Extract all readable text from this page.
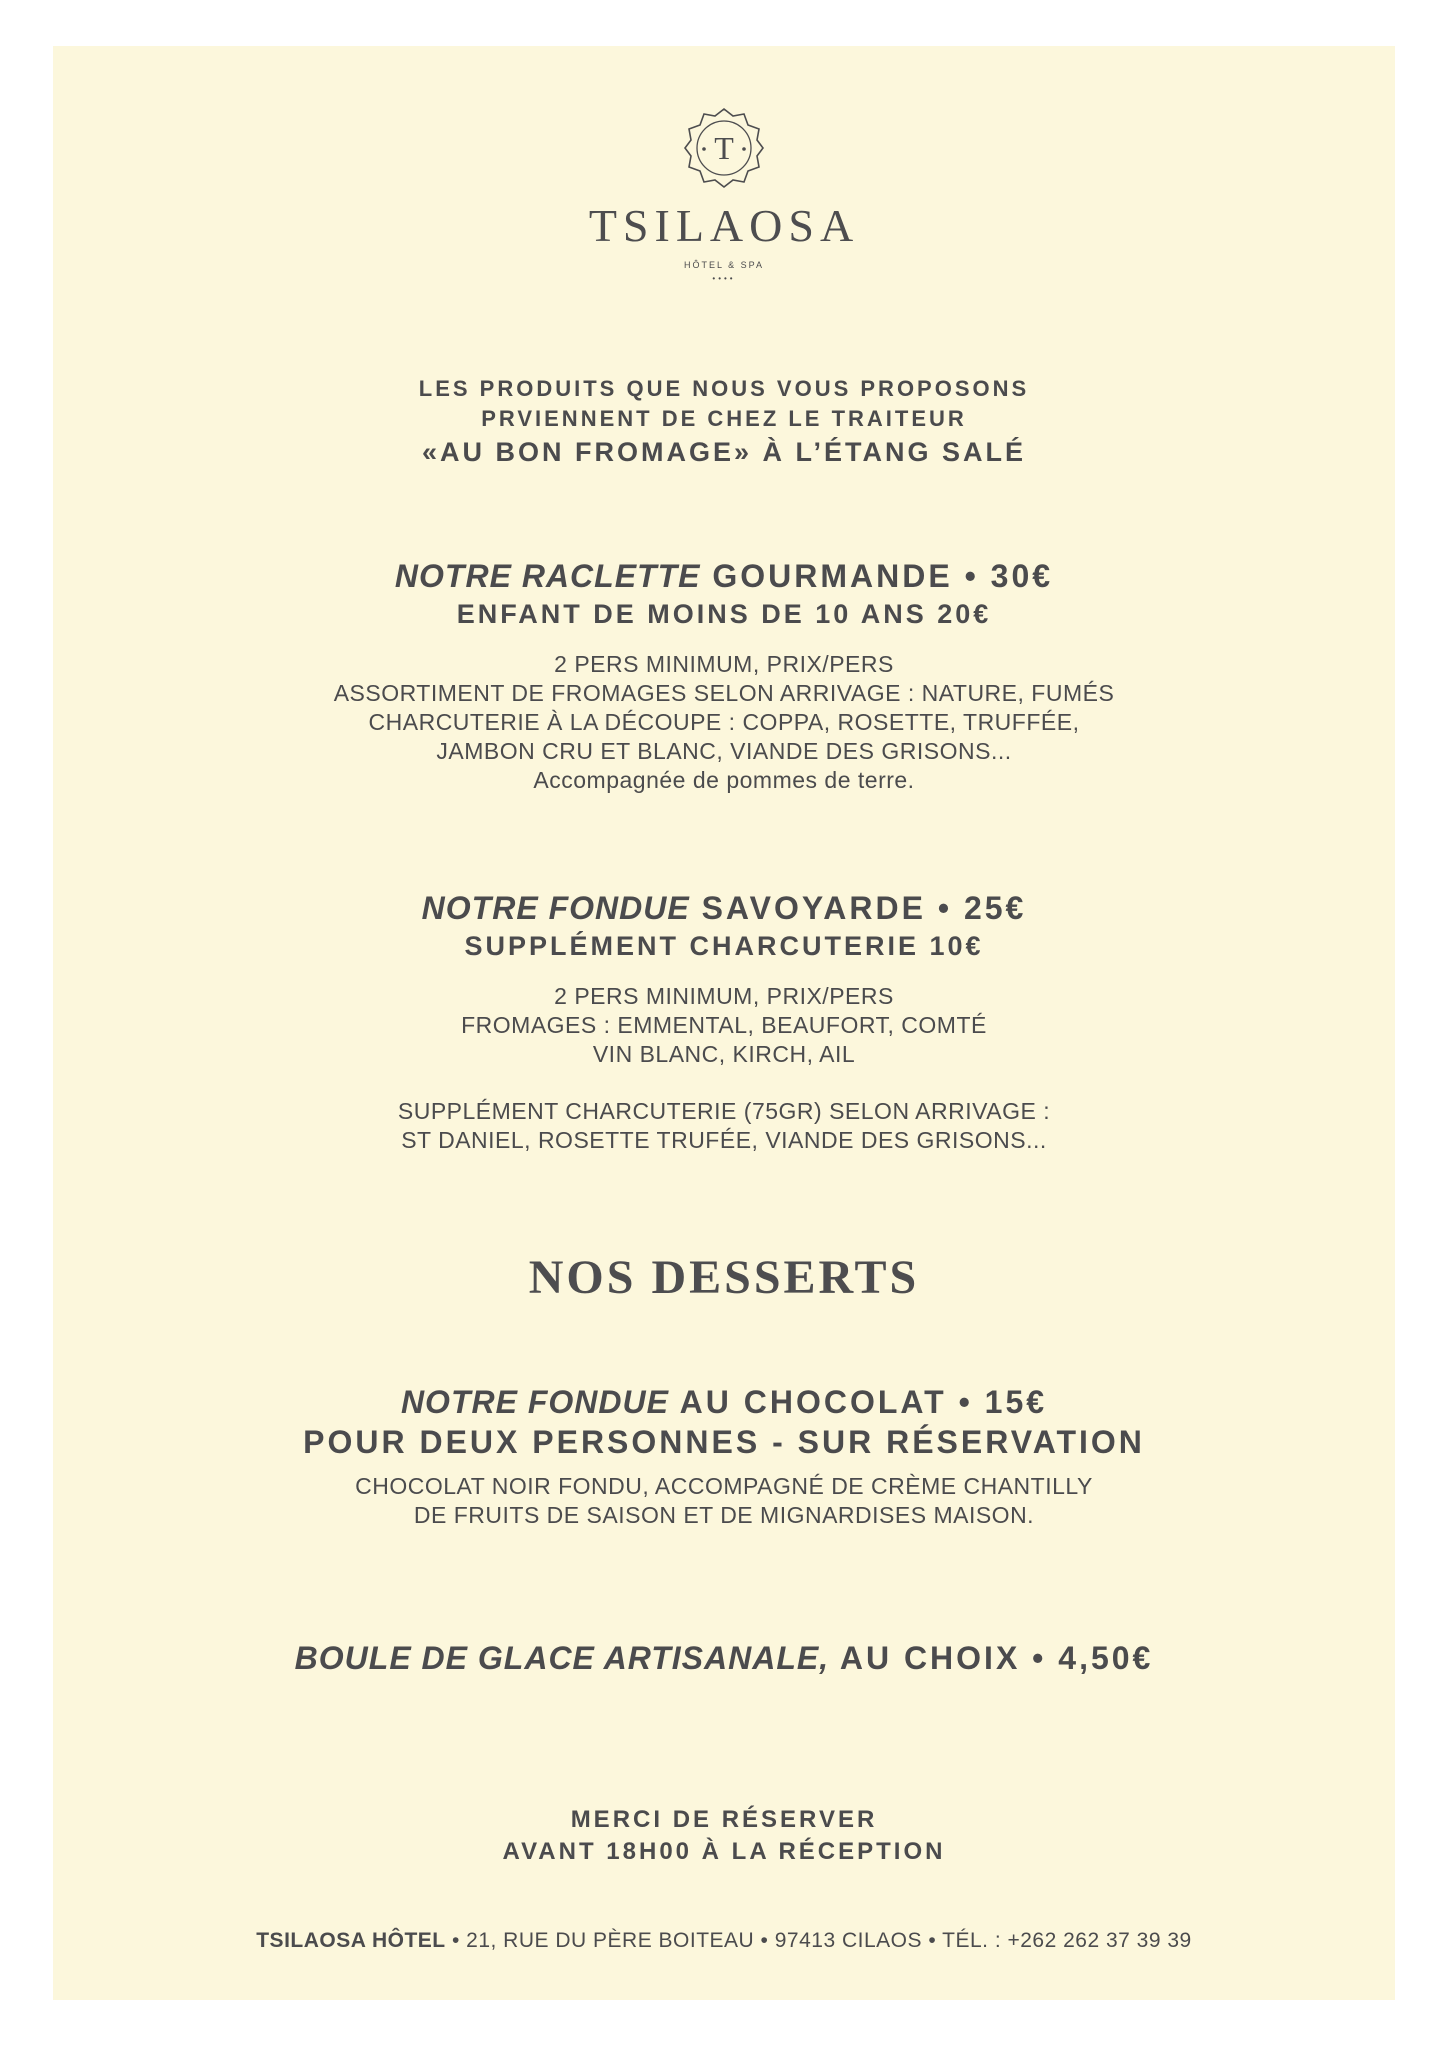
T
TSILAOSA
HÔTEL & SPA
••••
LES PRODUITS QUE NOUS VOUS PROPOSONS
PRVIENNENT DE CHEZ LE TRAITEUR
«AU BON FROMAGE» À L’ÉTANG SALÉ
NOTRE RACLETTE GOURMANDE • 30€
ENFANT DE MOINS DE 10 ANS 20€
2 PERS MINIMUM, PRIX/PERS
ASSORTIMENT DE FROMAGES SELON ARRIVAGE : NATURE, FUMÉS
CHARCUTERIE À LA DÉCOUPE : COPPA, ROSETTE, TRUFFÉE,
JAMBON CRU ET BLANC, VIANDE DES GRISONS...
Accompagnée de pommes de terre.
NOTRE FONDUE SAVOYARDE • 25€
SUPPLÉMENT CHARCUTERIE 10€
2 PERS MINIMUM, PRIX/PERS
FROMAGES : EMMENTAL, BEAUFORT, COMTÉ
VIN BLANC, KIRCH, AIL
SUPPLÉMENT CHARCUTERIE (75GR) SELON ARRIVAGE :
ST DANIEL, ROSETTE TRUFÉE, VIANDE DES GRISONS...
NOS DESSERTS
NOTRE FONDUE AU CHOCOLAT • 15€
POUR DEUX PERSONNES - SUR RÉSERVATION
CHOCOLAT NOIR FONDU, ACCOMPAGNÉ DE CRÈME CHANTILLY
DE FRUITS DE SAISON ET DE MIGNARDISES MAISON.
BOULE DE GLACE ARTISANALE, AU CHOIX • 4,50€
MERCI DE RÉSERVER
AVANT 18H00 À LA RÉCEPTION
TSILAOSA HÔTEL • 21, RUE DU PÈRE BOITEAU • 97413 CILAOS • TÉL. : +262 262 37 39 39
